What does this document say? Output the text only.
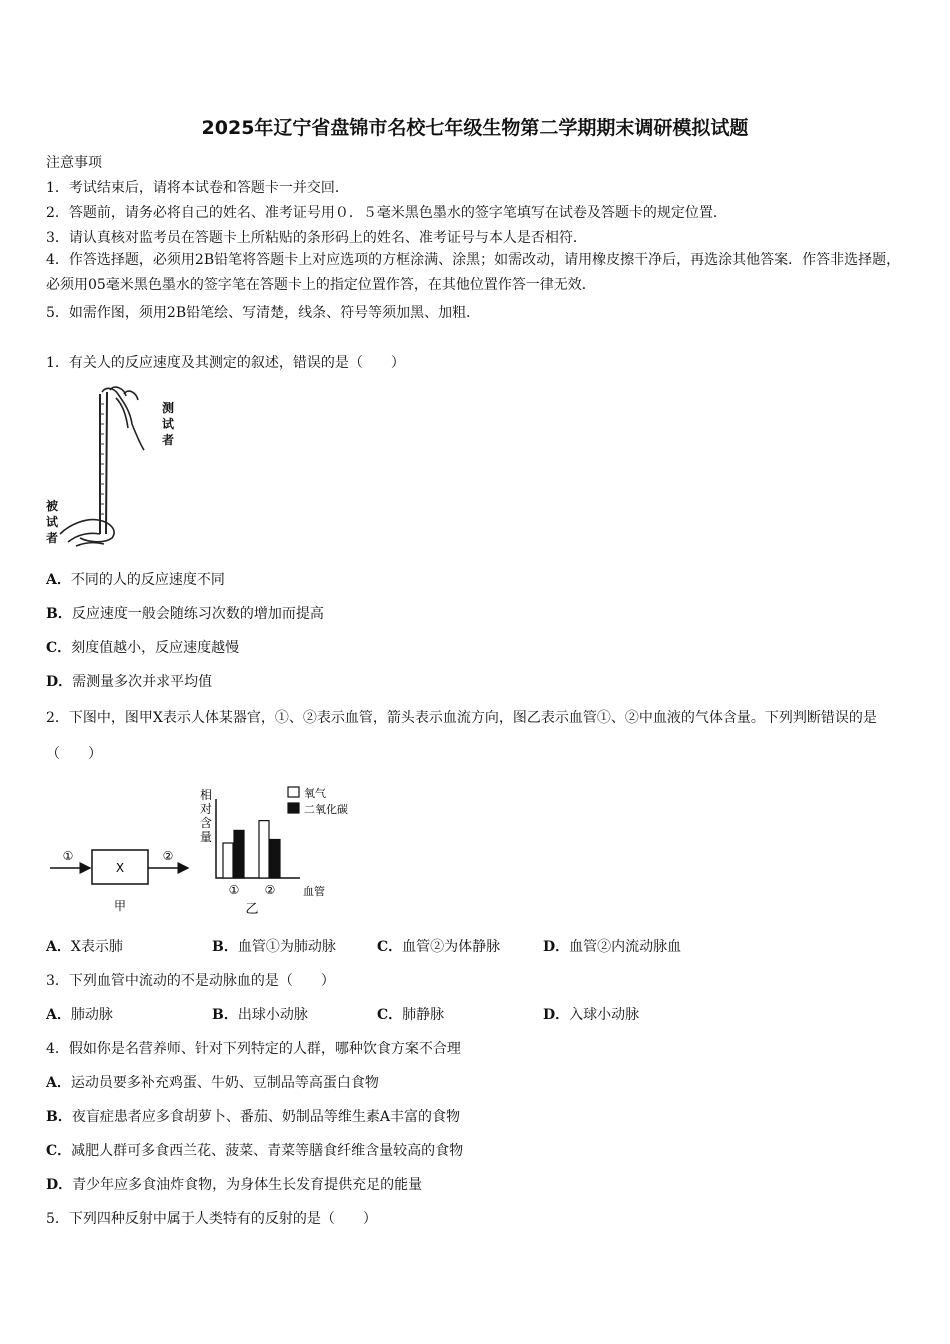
2025年辽宁省盘锦市名校七年级生物第二学期期末调研模拟试题
注意事项
1．考试结束后，请将本试卷和答题卡一并交回．
2．答题前，请务必将自己的姓名、准考证号用０．５毫米黑色墨水的签字笔填写在试卷及答题卡的规定位置．
3．请认真核对监考员在答题卡上所粘贴的条形码上的姓名、准考证号与本人是否相符．
4．作答选择题，必须用2B铅笔将答题卡上对应选项的方框涂满、涂黑；如需改动，请用橡皮擦干净后，再选涂其他答案．作答非选择题，必须用05毫米黑色墨水的签字笔在答题卡上的指定位置作答，在其他位置作答一律无效．
5．如需作图，须用2B铅笔绘、写清楚，线条、符号等须加黑、加粗．
1．有关人的反应速度及其测定的叙述，错误的是（　　）
测
试
者
被
试
者
A．不同的人的反应速度不同
B．反应速度一般会随练习次数的增加而提高
C．刻度值越小，反应速度越慢
D．需测量多次并求平均值
2．下图中，图甲X表示人体某器官，①、②表示血管，箭头表示血流方向，图乙表示血管①、②中血液的气体含量。下列判断错误的是（　　）
①
X
②
甲
相
对
含
量
① ②	血管
乙
氧气
二氧化碳
A．X表示肺	B．血管①为肺动脉	C．血管②为体静脉	D．血管②内流动脉血
3．下列血管中流动的不是动脉血的是（　　）
A．肺动脉	B．出球小动脉	C．肺静脉	D．入球小动脉
4．假如你是名营养师、针对下列特定的人群，哪种饮食方案不合理
A．运动员要多补充鸡蛋、牛奶、豆制品等高蛋白食物
B．夜盲症患者应多食胡萝卜、番茄、奶制品等维生素A丰富的食物
C．减肥人群可多食西兰花、菠菜、青菜等膳食纤维含量较高的食物
D．青少年应多食油炸食物，为身体生长发育提供充足的能量
5．下列四种反射中属于人类特有的反射的是（　　）
